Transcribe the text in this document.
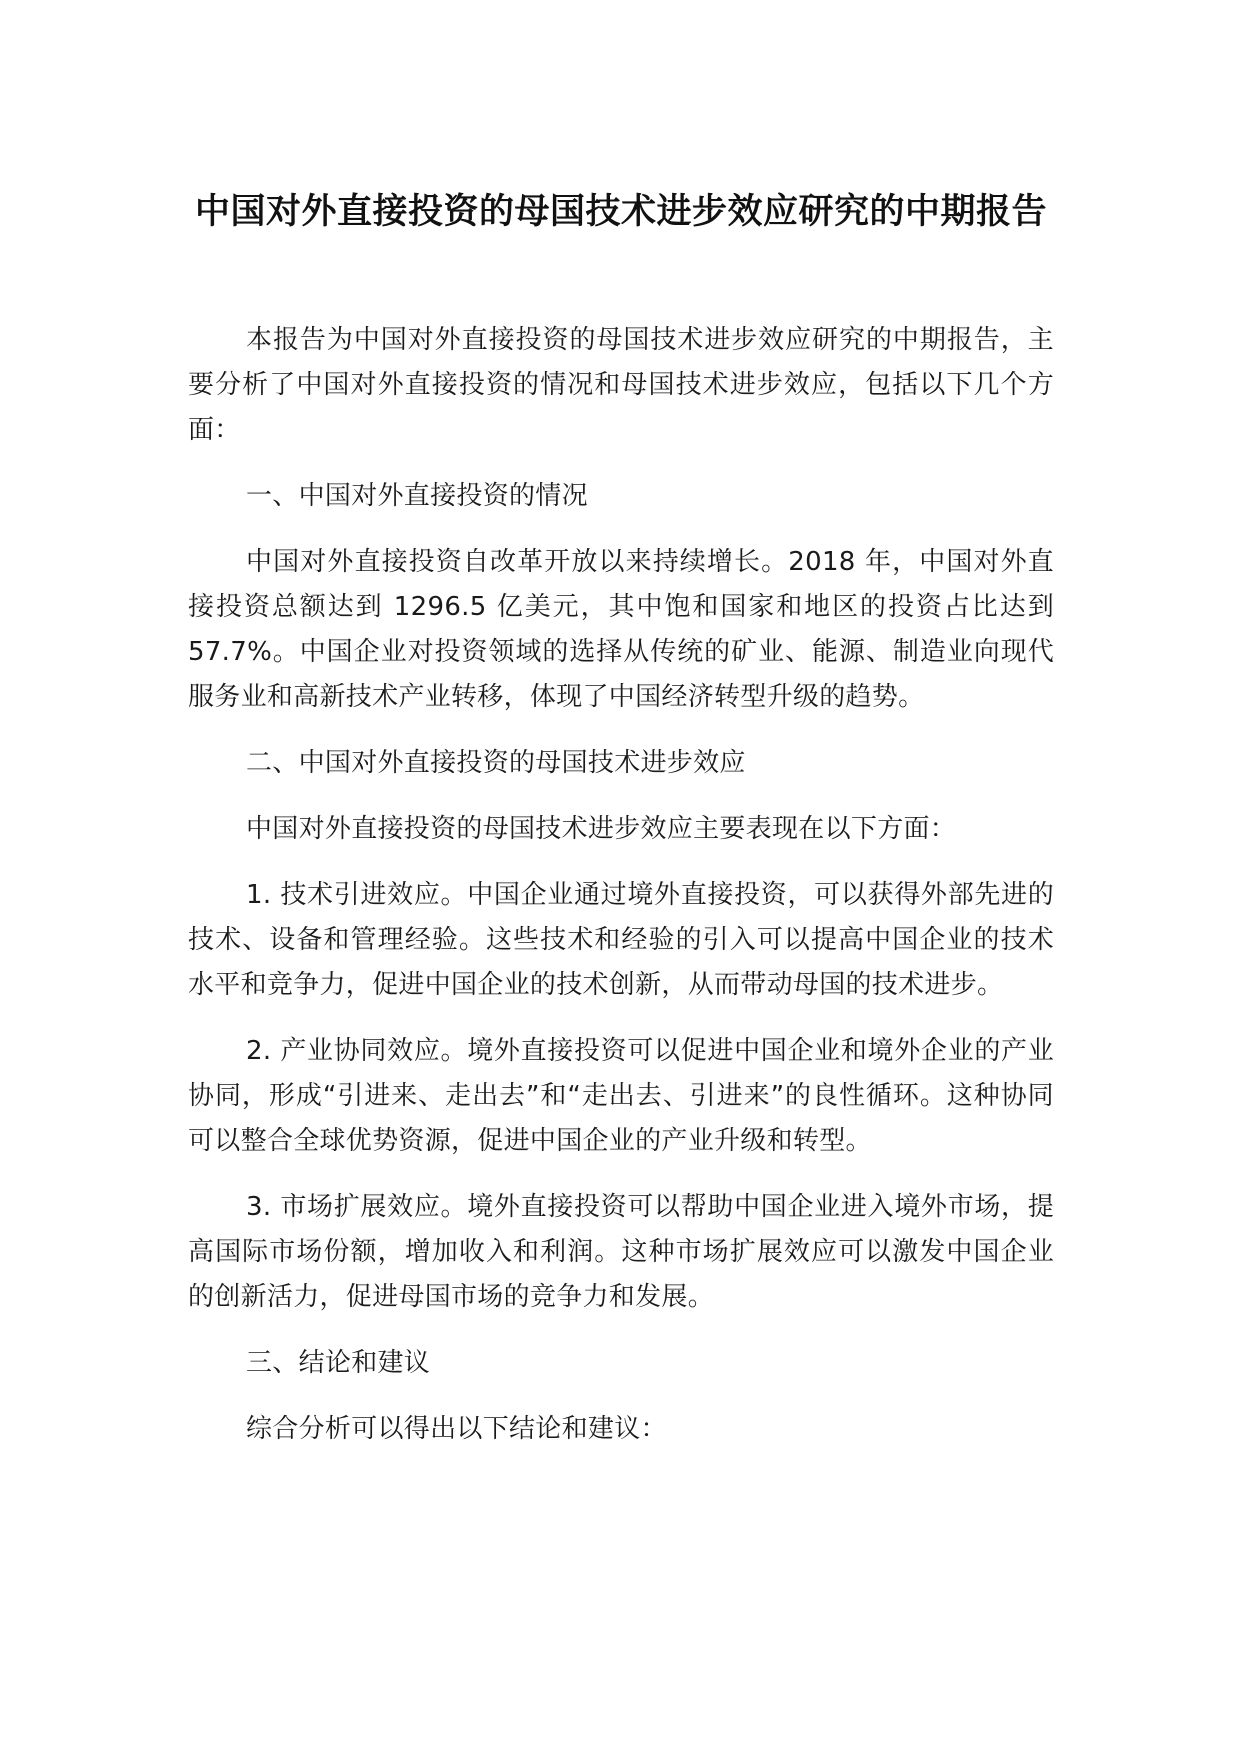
中国对外直接投资的母国技术进步效应研究的中期报告

本报告为中国对外直接投资的母国技术进步效应研究的中期报告，主要分析了中国对外直接投资的情况和母国技术进步效应，包括以下几个方面：

一、中国对外直接投资的情况

中国对外直接投资自改革开放以来持续增长。2018 年，中国对外直接投资总额达到 1296.5 亿美元，其中饱和国家和地区的投资占比达到 57.7%。中国企业对投资领域的选择从传统的矿业、能源、制造业向现代服务业和高新技术产业转移，体现了中国经济转型升级的趋势。

二、中国对外直接投资的母国技术进步效应

中国对外直接投资的母国技术进步效应主要表现在以下方面：

1. 技术引进效应。中国企业通过境外直接投资，可以获得外部先进的技术、设备和管理经验。这些技术和经验的引入可以提高中国企业的技术水平和竞争力，促进中国企业的技术创新，从而带动母国的技术进步。

2. 产业协同效应。境外直接投资可以促进中国企业和境外企业的产业协同，形成“引进来、走出去”和“走出去、引进来”的良性循环。这种协同可以整合全球优势资源，促进中国企业的产业升级和转型。

3. 市场扩展效应。境外直接投资可以帮助中国企业进入境外市场，提高国际市场份额，增加收入和利润。这种市场扩展效应可以激发中国企业的创新活力，促进母国市场的竞争力和发展。

三、结论和建议

综合分析可以得出以下结论和建议：
